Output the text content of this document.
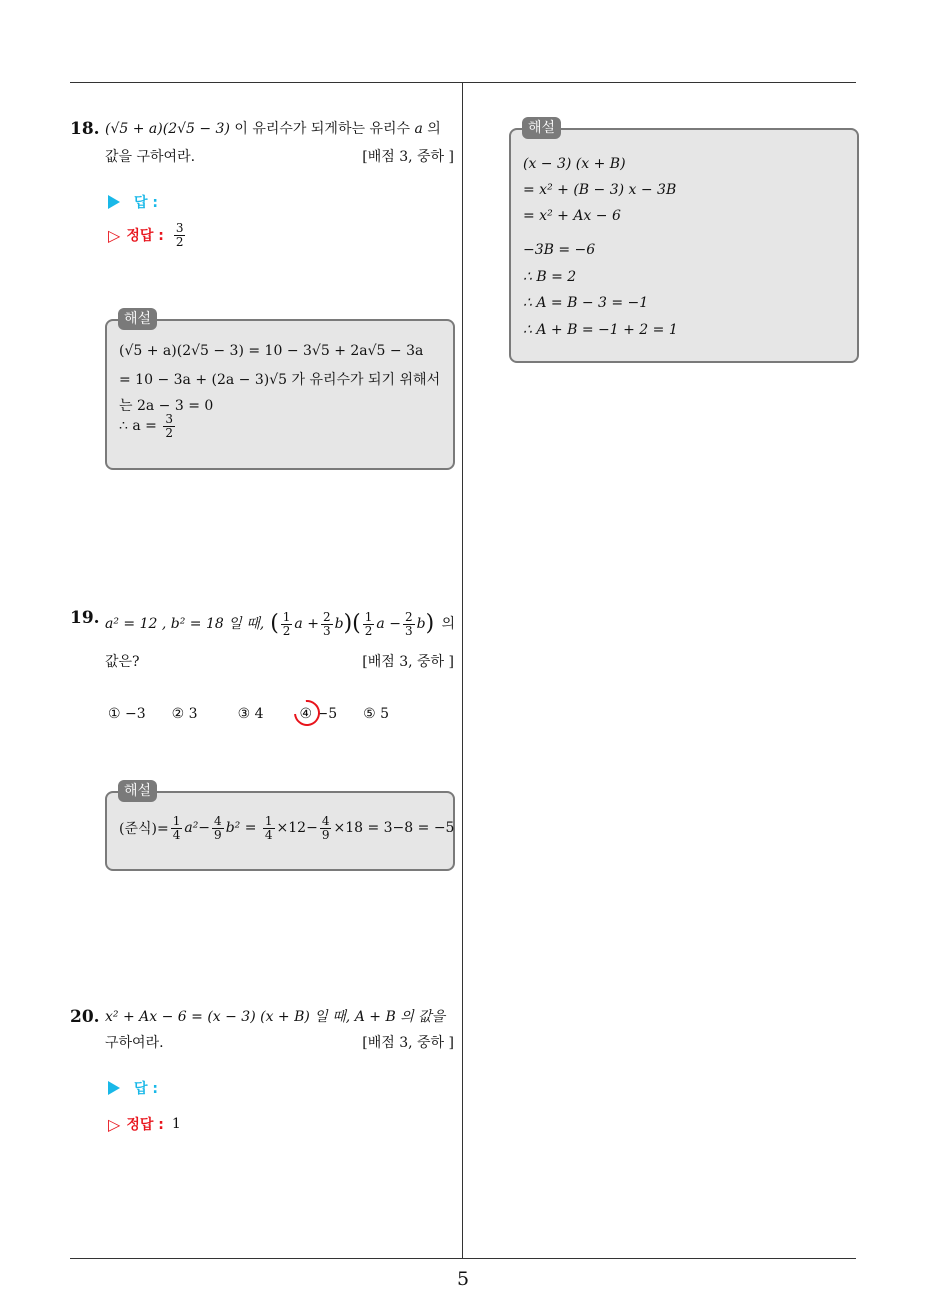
18. (√5 + a)(2√5 − 3) 이 유리수가 되게하는 유리수 a 의
값을 구하여라.	[배점 3, 중하 ]
답 :
▷ 정답 : $\frac{3}{2}$
(√5 + a)(2√5 − 3) = 10 − 3√5 + 2a√5 − 3a
= 10 − 3a + (2a − 3)√5 가 유리수가 되기 위해서
는 2a − 3 = 0
∴ $a = \frac{3}{2}$
해설
19. a² = 12 , b² = 18 일 때, ( $\frac{1}{2}$ $a + \frac{2}{3}$ b ) ( $\frac{1}{2}$ $a - \frac{2}{3}$ b ) 의
값은?	[배점 3, 중하 ]
① −3 ② 3	③ 4	④ −5 ⑤ 5
(준식)= $\frac{1}{4} a^2- \frac{4}{9} b^2$ =
$\frac{1}{4} \times 12- \frac{4}{9} \times 18 = 3-8 = -5$
해설
20. x² + Ax − 6 = (x − 3) (x + B) 일 때, A + B 의 값을
구하여라.	[배점 3, 중하 ]
답 :
▷ 정답 : 1
(x − 3) (x + B)
= x² + (B − 3) x − 3B
= x² + Ax − 6
−3B = −6
∴ B = 2
∴ A = B − 3 = −1
∴ A + B = −1 + 2 = 1
해설
5
